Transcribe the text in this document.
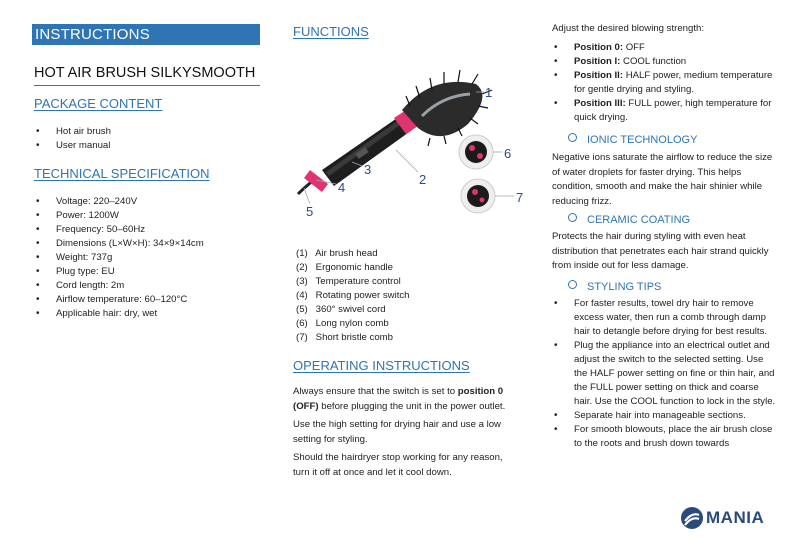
INSTRUCTIONS
HOT AIR BRUSH SILKYSMOOTH
PACKAGE CONTENT
• Hot air brush
• User manual
TECHNICAL SPECIFICATION
• Voltage: 220–240V
• Power: 1200W
• Frequency: 50–60Hz
• Dimensions (L×W×H): 34×9×14cm
• Weight: 737g
• Plug type: EU
• Cord length: 2m
• Airflow temperature: 60–120°C
• Applicable hair: dry, wet
FUNCTIONS
1
2
3
4
5
6
7
(1) Air brush head
(2) Ergonomic handle
(3) Temperature control
(4) Rotating power switch
(5) 360° swivel cord
(6) Long nylon comb
(7) Short bristle comb
OPERATING INSTRUCTIONS

Always ensure that the switch is set to position 0 (OFF) before plugging the unit in the power outlet.

Use the high setting for drying hair and use a low setting for styling.

Should the hairdryer stop working for any reason, turn it off at once and let it cool down.

Adjust the desired blowing strength:

• Position 0: OFF
• Position I: COOL function
• Position II: HALF power, medium temperature for gentle drying and styling.
• Position III: FULL power, high temperature for quick drying.
IONIC TECHNOLOGY

Negative ions saturate the airflow to reduce the size of water droplets for faster drying. This helps condition, smooth and make the hair shinier while reducing frizz.

CERAMIC COATING

Protects the hair during styling with even heat distribution that penetrates each hair strand quickly from inside out for less damage.

STYLING TIPS
• For faster results, towel dry hair to remove excess water, then run a comb through damp hair to detangle before drying for best results.
• Plug the appliance into an electrical outlet and adjust the switch to the selected setting. Use the HALF power setting on fine or thin hair, and the FULL power setting on thick and coarse hair. Use the COOL function to lock in the style.
• Separate hair into manageable sections.
• For smooth blowouts, place the air brush close to the roots and brush down towards
MANIA
